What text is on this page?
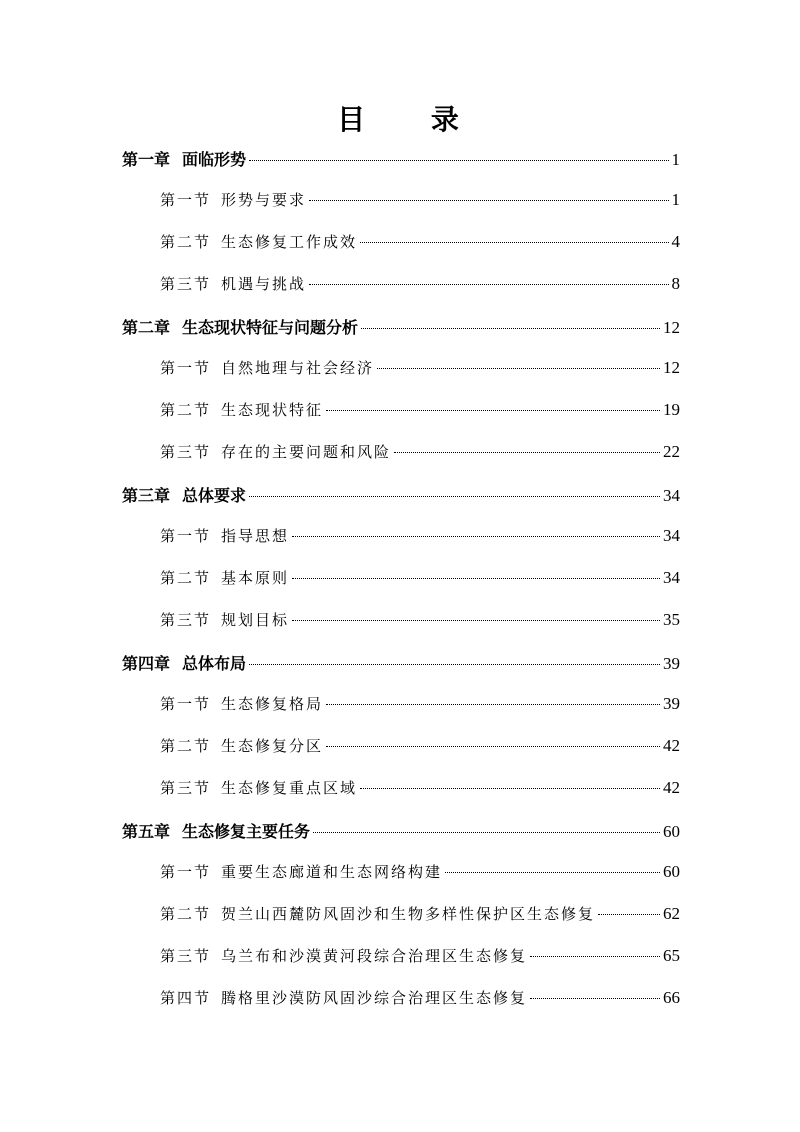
目 录
第一章 面临形势	1
第一节 形势与要求	1
第二节 生态修复工作成效	4
第三节 机遇与挑战	8
第二章 生态现状特征与问题分析	12
第一节 自然地理与社会经济	12
第二节 生态现状特征	19
第三节 存在的主要问题和风险	22
第三章 总体要求	34
第一节 指导思想	34
第二节 基本原则	34
第三节 规划目标	35
第四章 总体布局	39
第一节 生态修复格局	39
第二节 生态修复分区	42
第三节 生态修复重点区域	42
第五章 生态修复主要任务	60
第一节 重要生态廊道和生态网络构建	60
第二节 贺兰山西麓防风固沙和生物多样性保护区生态修复	62
第三节 乌兰布和沙漠黄河段综合治理区生态修复	65
第四节 腾格里沙漠防风固沙综合治理区生态修复	66
